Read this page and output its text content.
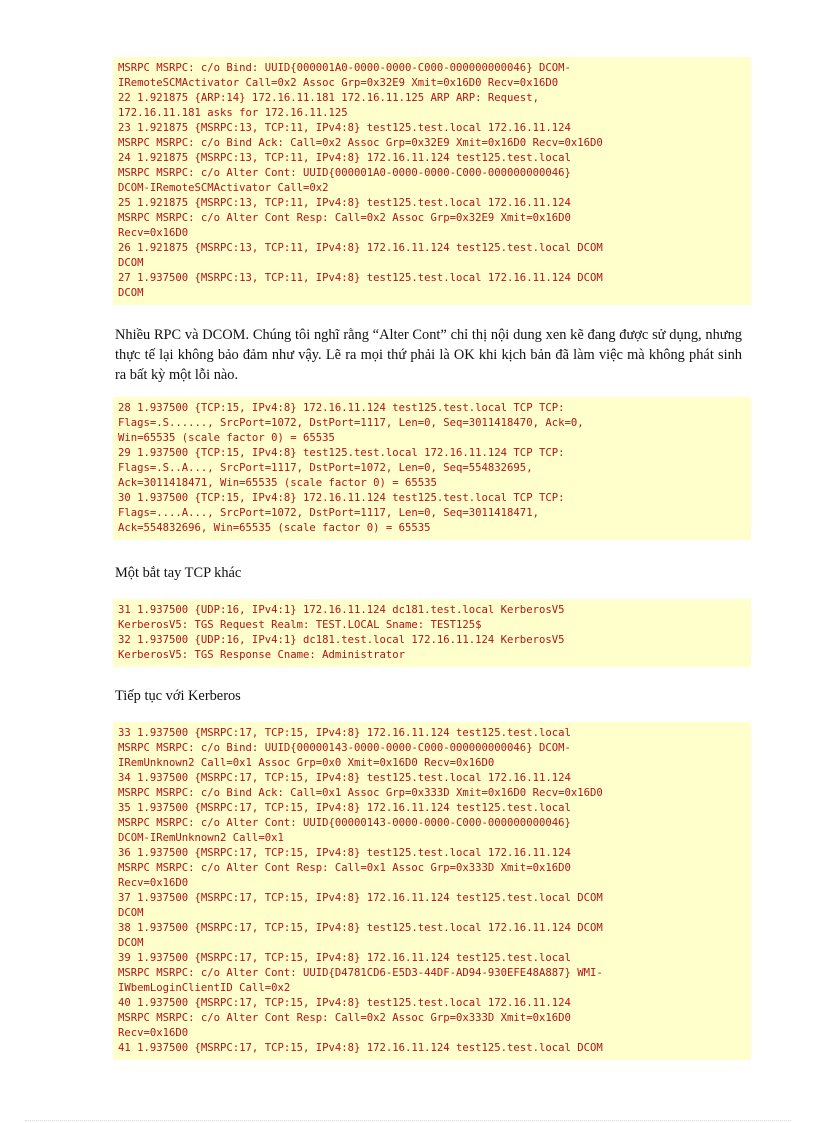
MSRPC MSRPC: c/o Bind: UUID{000001A0-0000-0000-C000-000000000046} DCOM-
IRemoteSCMActivator Call=0x2 Assoc Grp=0x32E9 Xmit=0x16D0 Recv=0x16D0
22 1.921875 {ARP:14} 172.16.11.181 172.16.11.125 ARP ARP: Request,
172.16.11.181 asks for 172.16.11.125
23 1.921875 {MSRPC:13, TCP:11, IPv4:8} test125.test.local 172.16.11.124
MSRPC MSRPC: c/o Bind Ack: Call=0x2 Assoc Grp=0x32E9 Xmit=0x16D0 Recv=0x16D0
24 1.921875 {MSRPC:13, TCP:11, IPv4:8} 172.16.11.124 test125.test.local
MSRPC MSRPC: c/o Alter Cont: UUID{000001A0-0000-0000-C000-000000000046}
DCOM-IRemoteSCMActivator Call=0x2
25 1.921875 {MSRPC:13, TCP:11, IPv4:8} test125.test.local 172.16.11.124
MSRPC MSRPC: c/o Alter Cont Resp: Call=0x2 Assoc Grp=0x32E9 Xmit=0x16D0
Recv=0x16D0
26 1.921875 {MSRPC:13, TCP:11, IPv4:8} 172.16.11.124 test125.test.local DCOM
DCOM
27 1.937500 {MSRPC:13, TCP:11, IPv4:8} test125.test.local 172.16.11.124 DCOM
DCOM
Nhiều RPC và DCOM. Chúng tôi nghĩ rằng “Alter Cont” chỉ thị nội dung xen kẽ đang được sử dụng, nhưng thực tế lại không bảo đảm như vậy. Lẽ ra mọi thứ phải là OK khi kịch bản đã làm việc mà không phát sinh ra bất kỳ một lỗi nào.
28 1.937500 {TCP:15, IPv4:8} 172.16.11.124 test125.test.local TCP TCP:
Flags=.S......, SrcPort=1072, DstPort=1117, Len=0, Seq=3011418470, Ack=0,
Win=65535 (scale factor 0) = 65535
29 1.937500 {TCP:15, IPv4:8} test125.test.local 172.16.11.124 TCP TCP:
Flags=.S..A..., SrcPort=1117, DstPort=1072, Len=0, Seq=554832695,
Ack=3011418471, Win=65535 (scale factor 0) = 65535
30 1.937500 {TCP:15, IPv4:8} 172.16.11.124 test125.test.local TCP TCP:
Flags=....A..., SrcPort=1072, DstPort=1117, Len=0, Seq=3011418471,
Ack=554832696, Win=65535 (scale factor 0) = 65535
Một bắt tay TCP khác
31 1.937500 {UDP:16, IPv4:1} 172.16.11.124 dc181.test.local KerberosV5
KerberosV5: TGS Request Realm: TEST.LOCAL Sname: TEST125$
32 1.937500 {UDP:16, IPv4:1} dc181.test.local 172.16.11.124 KerberosV5
KerberosV5: TGS Response Cname: Administrator
Tiếp tục với Kerberos
33 1.937500 {MSRPC:17, TCP:15, IPv4:8} 172.16.11.124 test125.test.local
MSRPC MSRPC: c/o Bind: UUID{00000143-0000-0000-C000-000000000046} DCOM-
IRemUnknown2 Call=0x1 Assoc Grp=0x0 Xmit=0x16D0 Recv=0x16D0
34 1.937500 {MSRPC:17, TCP:15, IPv4:8} test125.test.local 172.16.11.124
MSRPC MSRPC: c/o Bind Ack: Call=0x1 Assoc Grp=0x333D Xmit=0x16D0 Recv=0x16D0
35 1.937500 {MSRPC:17, TCP:15, IPv4:8} 172.16.11.124 test125.test.local
MSRPC MSRPC: c/o Alter Cont: UUID{00000143-0000-0000-C000-000000000046}
DCOM-IRemUnknown2 Call=0x1
36 1.937500 {MSRPC:17, TCP:15, IPv4:8} test125.test.local 172.16.11.124
MSRPC MSRPC: c/o Alter Cont Resp: Call=0x1 Assoc Grp=0x333D Xmit=0x16D0
Recv=0x16D0
37 1.937500 {MSRPC:17, TCP:15, IPv4:8} 172.16.11.124 test125.test.local DCOM
DCOM
38 1.937500 {MSRPC:17, TCP:15, IPv4:8} test125.test.local 172.16.11.124 DCOM
DCOM
39 1.937500 {MSRPC:17, TCP:15, IPv4:8} 172.16.11.124 test125.test.local
MSRPC MSRPC: c/o Alter Cont: UUID{D4781CD6-E5D3-44DF-AD94-930EFE48A887} WMI-
IWbemLoginClientID Call=0x2
40 1.937500 {MSRPC:17, TCP:15, IPv4:8} test125.test.local 172.16.11.124
MSRPC MSRPC: c/o Alter Cont Resp: Call=0x2 Assoc Grp=0x333D Xmit=0x16D0
Recv=0x16D0
41 1.937500 {MSRPC:17, TCP:15, IPv4:8} 172.16.11.124 test125.test.local DCOM
